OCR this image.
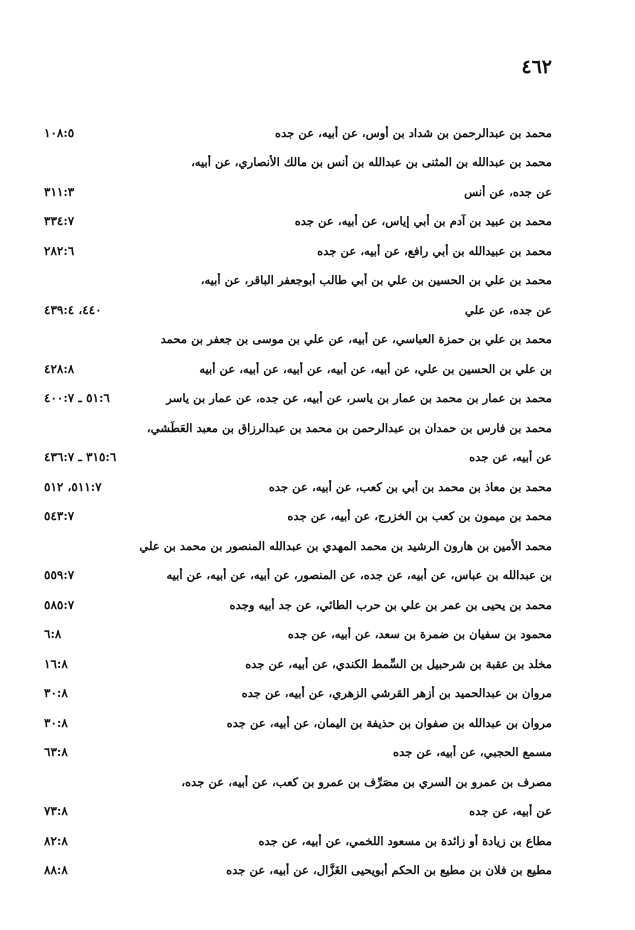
٤٦٢
محمد بن عبدالرحمن بن شداد بن أوس، عن أبيه، عن جده
١٠٨:٥
محمد بن عبدالله بن المثنى بن عبدالله بن أنس بن مالك الأنصاري، عن أبيه،
عن جده، عن أنس
٣١١:٣
محمد بن عبيد بن آدم بن أبي إياس، عن أبيه، عن جده
٣٣٤:٧
محمد بن عبيدالله بن أبي رافع، عن أبيه، عن جده
٢٨٢:٦
محمد بن علي بن الحسين بن علي بن أبي طالب أبوجعفر الباقر، عن أبيه،
عن جده، عن علي
٤٤٠، ٤٣٩:٤
محمد بن علي بن حمزة العباسي، عن أبيه، عن علي بن موسى بن جعفر بن محمد
بن علي بن الحسين بن علي، عن أبيه، عن أبيه، عن أبيه، عن أبيه، عن أبيه
٤٢٨:٨
محمد بن عمار بن محمد بن عمار بن ياسر، عن أبيه، عن جده، عن عمار بن ياسر
٥١:٦ ـ ٤٠٠:٧
محمد بن فارس بن حمدان بن عبدالرحمن بن محمد بن عبدالرزاق بن معبد العَطَشي،
عن أبيه، عن جده
٣١٥:٦ ـ ٤٣٦:٧
محمد بن معاذ بن محمد بن أبي بن كعب، عن أبيه، عن جده
٥١١:٧، ٥١٢
محمد بن ميمون بن كعب بن الخزرج، عن أبيه، عن جده
٥٤٣:٧
محمد الأمين بن هارون الرشيد بن محمد المهدي بن عبدالله المنصور بن محمد بن علي
بن عبدالله بن عباس، عن أبيه، عن جده، عن المنصور، عن أبيه، عن أبيه، عن أبيه
٥٥٩:٧
محمد بن يحيى بن عمر بن علي بن حرب الطائي، عن جد أبيه وجده
٥٨٥:٧
محمود بن سفيان بن ضمرة بن سعد، عن أبيه، عن جده
٦:٨
مخلد بن عقبة بن شرحبيل بن السِّمط الكندي، عن أبيه، عن جده
١٦:٨
مروان بن عبدالحميد بن أزهر القرشي الزهري، عن أبيه، عن جده
٣٠:٨
مروان بن عبدالله بن صفوان بن حذيفة بن اليمان، عن أبيه، عن جده
٣٠:٨
مسمع الحجبي، عن أبيه، عن جده
٦٣:٨
مصرف بن عمرو بن السري بن مصَرِّف بن عمرو بن كعب، عن أبيه، عن جده،
عن أبيه، عن جده
٧٣:٨
مطاع بن زيادة أو زائدة بن مسعود اللخمي، عن أبيه، عن جده
٨٢:٨
مطيع بن فلان بن مطيع بن الحكم أبويحيى الغَزَّال، عن أبيه، عن جده
٨٨:٨
